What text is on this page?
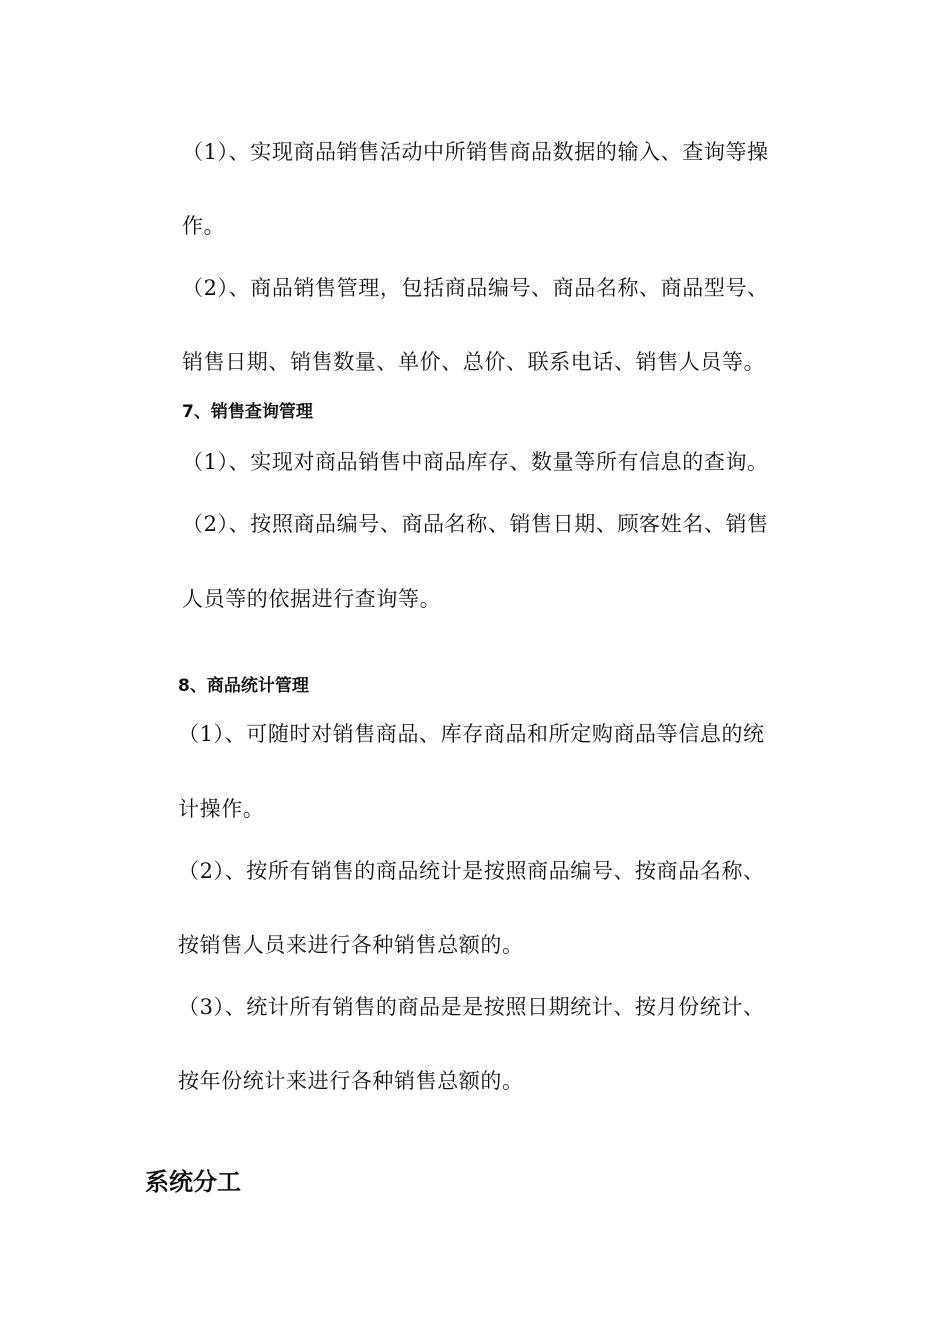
（1）、实现商品销售活动中所销售商品数据的输入、查询等操
作。
（2）、商品销售管理，包括商品编号、商品名称、商品型号、
销售日期、销售数量、单价、总价、联系电话、销售人员等。
7、销售查询管理
（1）、实现对商品销售中商品库存、数量等所有信息的查询。
（2）、按照商品编号、商品名称、销售日期、顾客姓名、销售
人员等的依据进行查询等。
8、商品统计管理
（1）、可随时对销售商品、库存商品和所定购商品等信息的统
计操作。
（2）、按所有销售的商品统计是按照商品编号、按商品名称、
按销售人员来进行各种销售总额的。
（3）、统计所有销售的商品是是按照日期统计、按月份统计、
按年份统计来进行各种销售总额的。
系统分工
